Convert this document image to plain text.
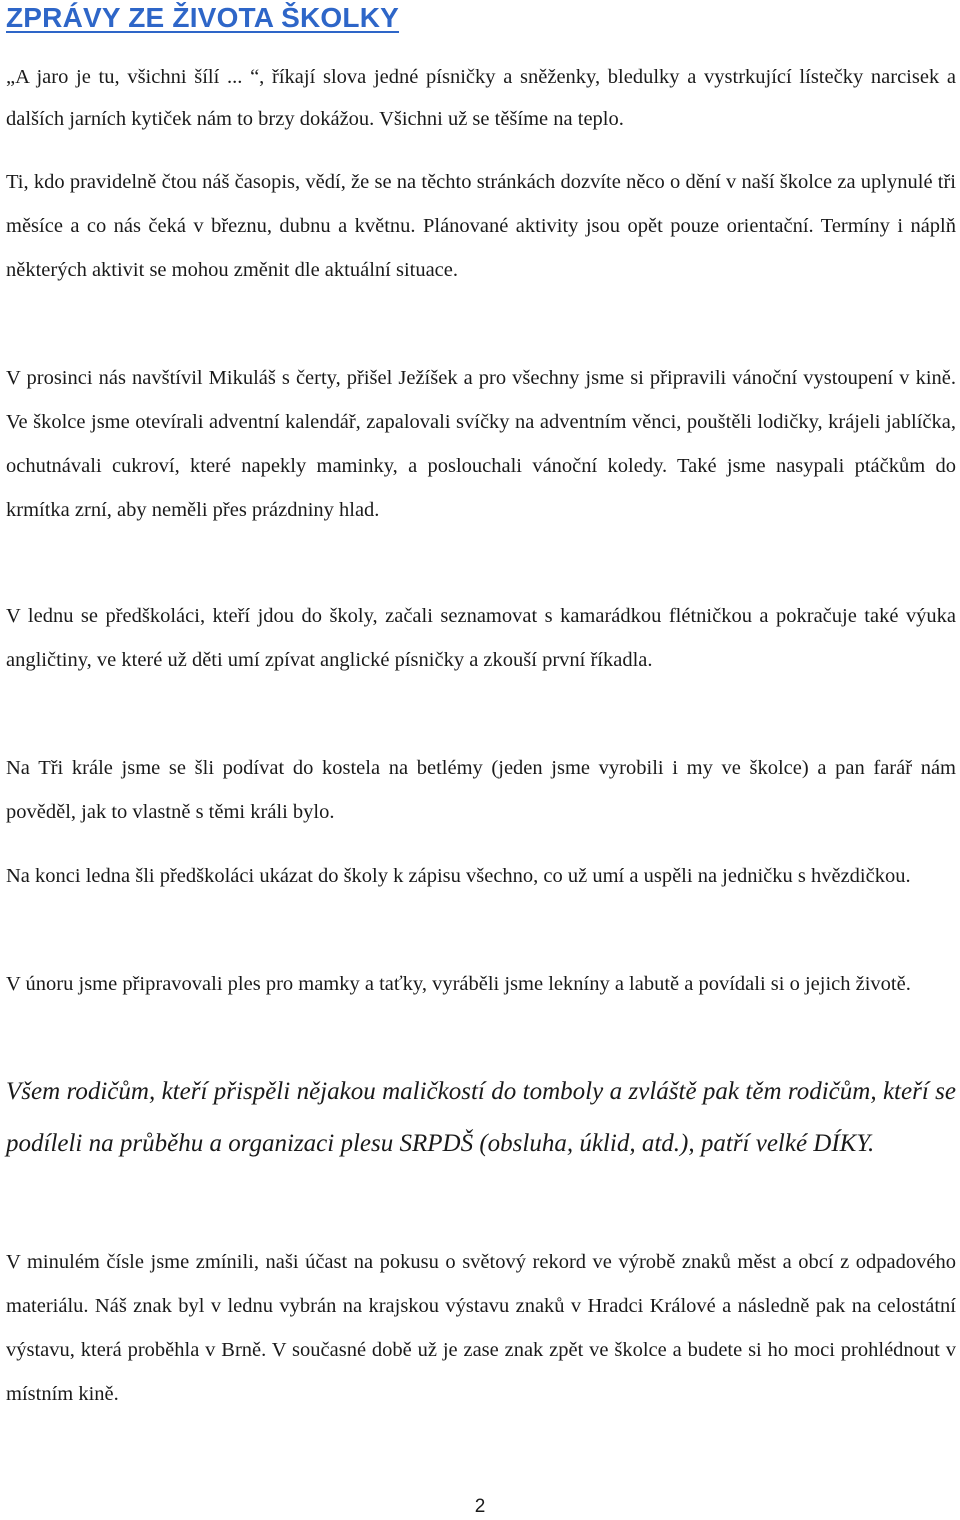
ZPRÁVY ZE ŽIVOTA ŠKOLKY

„A jaro je tu, všichni šílí ... “, říkají slova jedné písničky a sněženky, bledulky a vystrkující lístečky narcisek a dalších jarních kytiček nám to brzy dokážou. Všichni už se těšíme na teplo.

Ti, kdo pravidelně čtou náš časopis, vědí, že se na těchto stránkách dozvíte něco o dění v naší školce za uplynulé tři měsíce a co nás čeká v březnu, dubnu a květnu. Plánované aktivity jsou opět pouze orientační. Termíny i náplň některých aktivit se mohou změnit dle aktuální situace.

V prosinci nás navštívil Mikuláš s čerty, přišel Ježíšek a pro všechny jsme si připravili vánoční vystoupení v kině. Ve školce jsme otevírali adventní kalendář, zapalovali svíčky na adventním věnci, pouštěli lodičky, krájeli jablíčka, ochutnávali cukroví, které napekly maminky, a poslouchali vánoční koledy. Také jsme nasypali ptáčkům do krmítka zrní, aby neměli přes prázdniny hlad.

V lednu se předškoláci, kteří jdou do školy, začali seznamovat s kamarádkou flétničkou a pokračuje také výuka angličtiny, ve které už děti umí zpívat anglické písničky a zkouší první říkadla.

Na Tři krále jsme se šli podívat do kostela na betlémy (jeden jsme vyrobili i my ve školce) a pan farář nám pověděl, jak to vlastně s těmi králi bylo.

Na konci ledna šli předškoláci ukázat do školy k zápisu všechno, co už umí a uspěli na jedničku s hvězdičkou.

V únoru jsme připravovali ples pro mamky a taťky, vyráběli jsme lekníny a labutě a povídali si o jejich životě.

Všem rodičům, kteří přispěli nějakou maličkostí do tomboly a zvláště pak těm rodičům, kteří se podíleli na průběhu a organizaci plesu SRPDŠ (obsluha, úklid, atd.), patří velké DÍKY.

V minulém čísle jsme zmínili, naši účast na pokusu o světový rekord ve výrobě znaků měst a obcí z odpadového materiálu. Náš znak byl v lednu vybrán na krajskou výstavu znaků v Hradci Králové a následně pak na celostátní výstavu, která proběhla v Brně. V současné době už je zase znak zpět ve školce a budete si ho moci prohlédnout v místním kině.

2
